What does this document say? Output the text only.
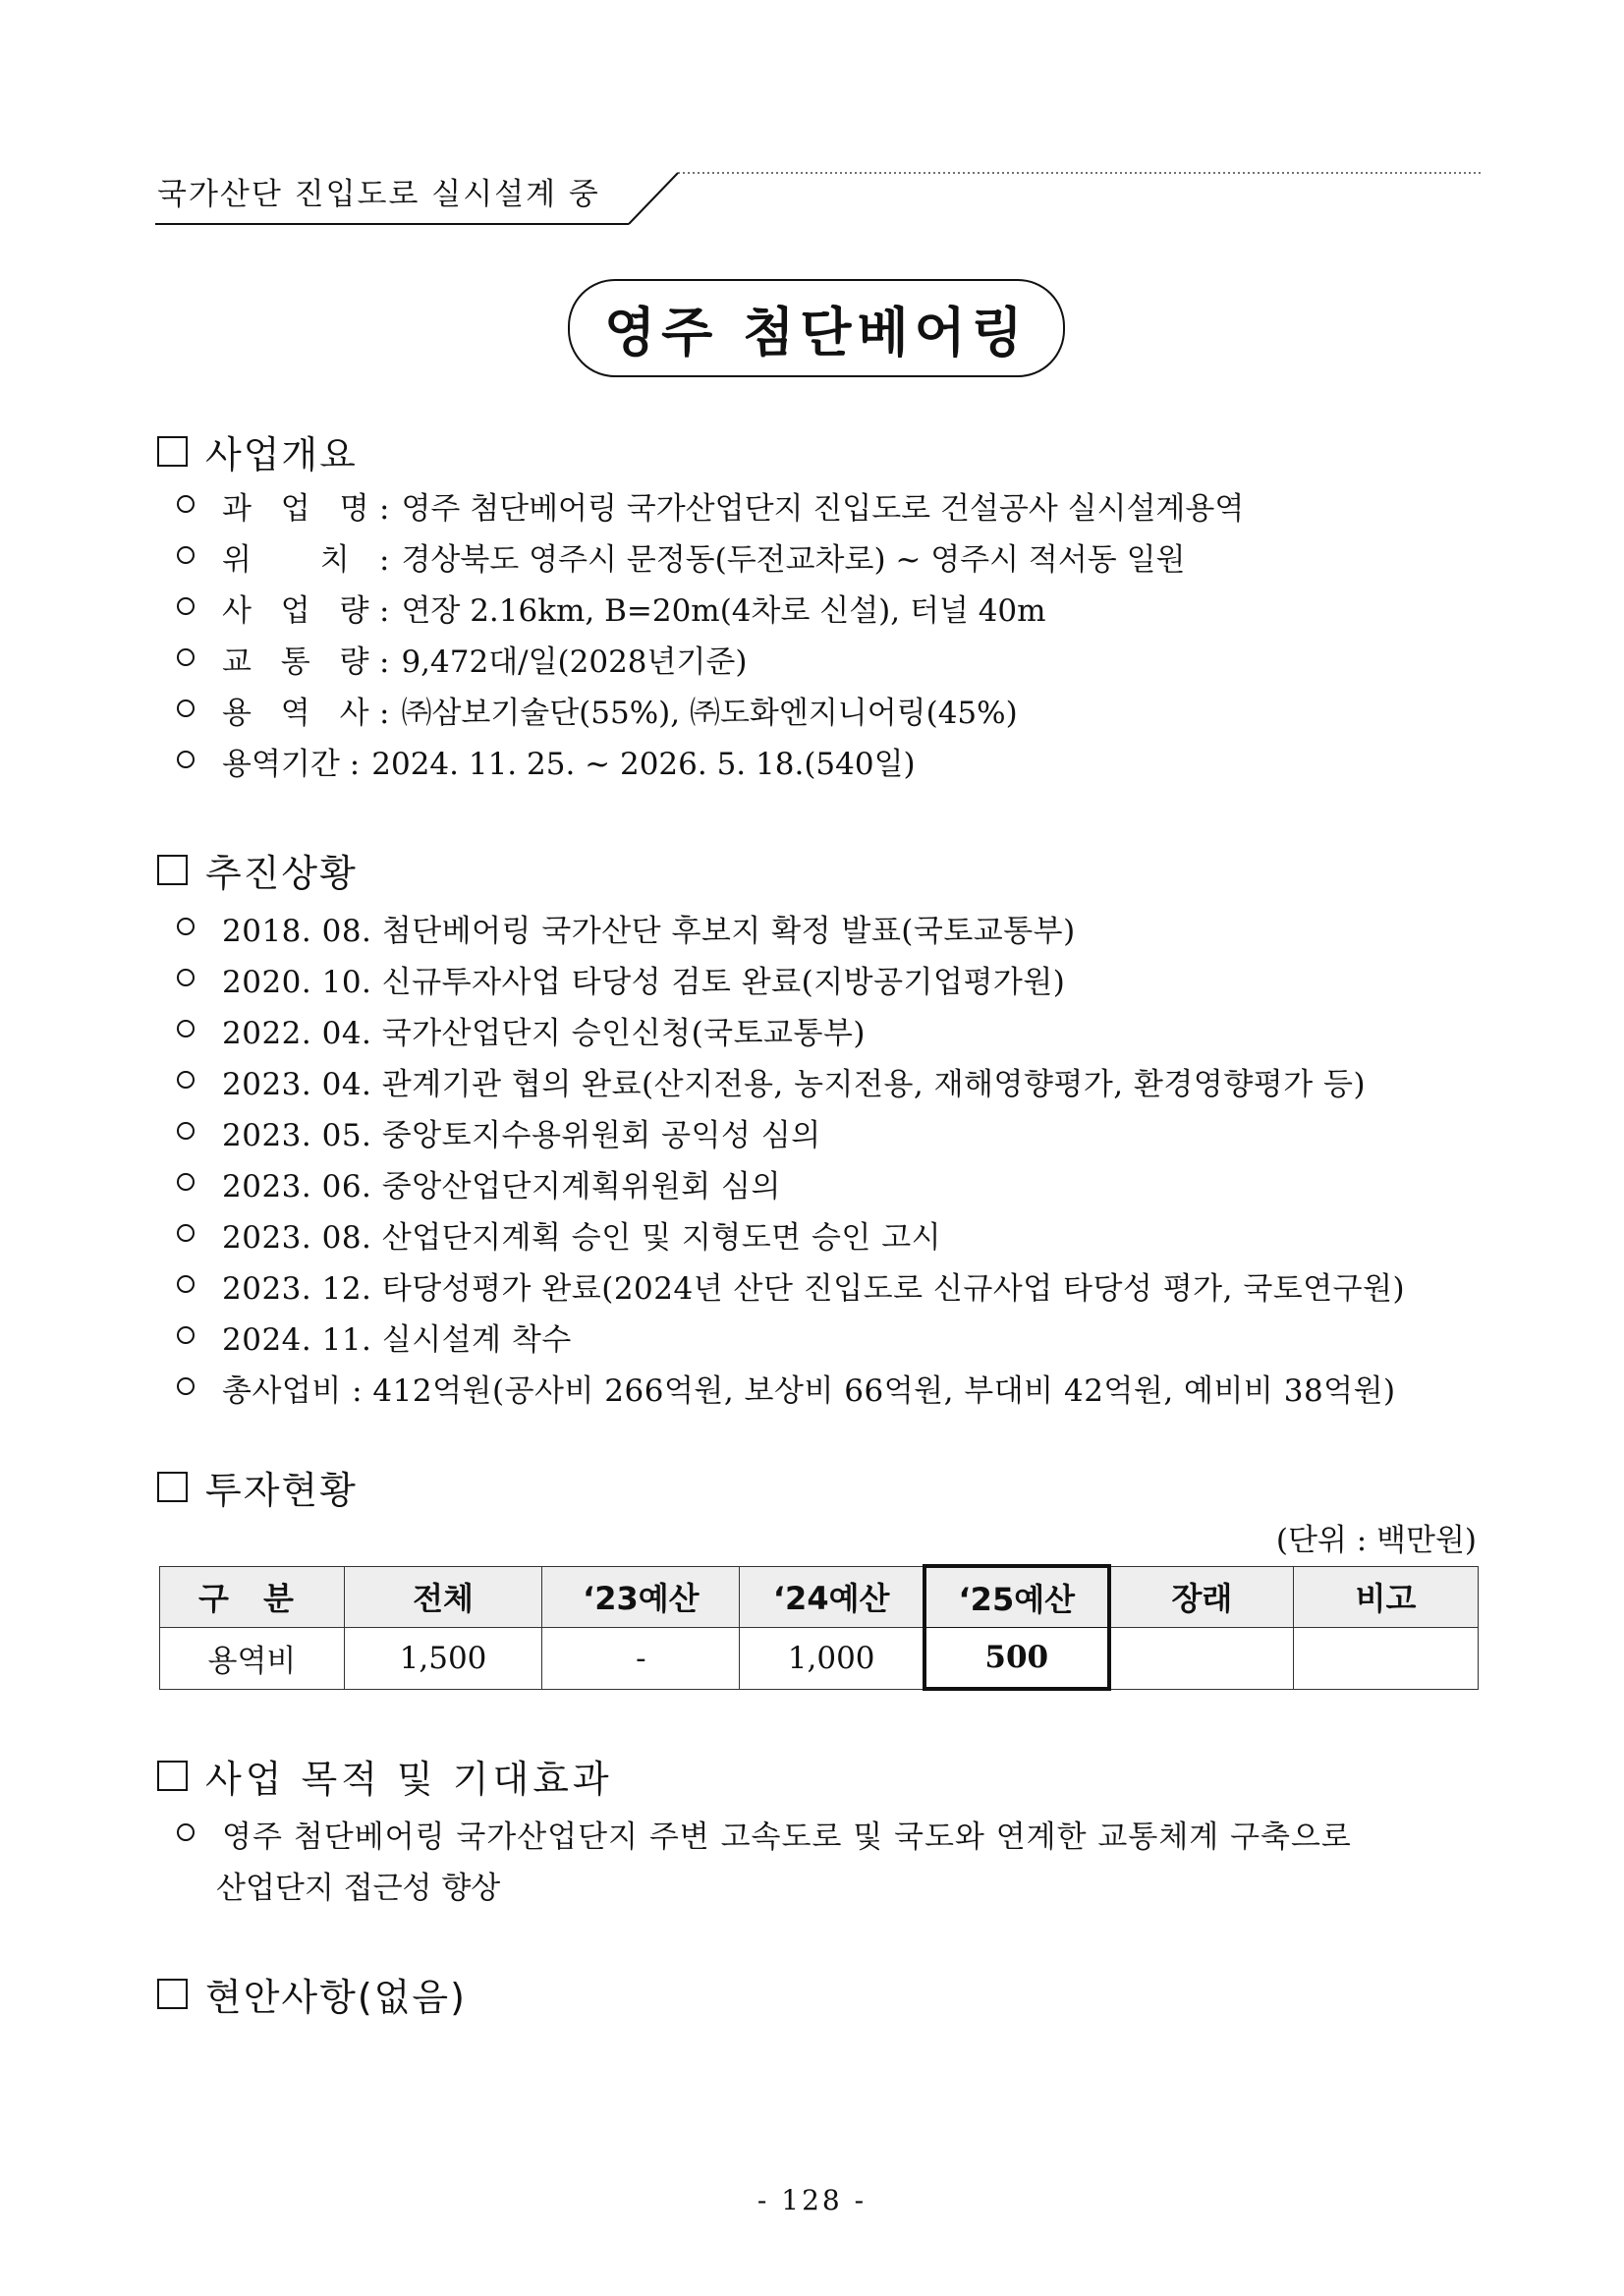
국가산단 진입도로 실시설계 중
영주 첨단베어링
사업개요
과 업 명 : 영주 첨단베어링 국가산업단지 진입도로 건설공사 실시설계용역
위 치 : 경상북도 영주시 문정동(두전교차로) ~ 영주시 적서동 일원
사 업 량 : 연장 2.16km, B=20m(4차로 신설), 터널 40m
교 통 량 : 9,472대/일(2028년기준)
용 역 사 : ㈜삼보기술단(55%), ㈜도화엔지니어링(45%)
용역기간 : 2024. 11. 25. ~ 2026. 5. 18.(540일)
추진상황
2018. 08. 첨단베어링 국가산단 후보지 확정 발표(국토교통부)
2020. 10. 신규투자사업 타당성 검토 완료(지방공기업평가원)
2022. 04. 국가산업단지 승인신청(국토교통부)
2023. 04. 관계기관 협의 완료(산지전용, 농지전용, 재해영향평가, 환경영향평가 등)
2023. 05. 중앙토지수용위원회 공익성 심의
2023. 06. 중앙산업단지계획위원회 심의
2023. 08. 산업단지계획 승인 및 지형도면 승인 고시
2023. 12. 타당성평가 완료(2024년 산단 진입도로 신규사업 타당성 평가, 국토연구원)
2024. 11. 실시설계 착수
총사업비 : 412억원(공사비 266억원, 보상비 66억원, 부대비 42억원, 예비비 38억원)
투자현황
(단위 : 백만원)
구 분	전체	‘23예산	‘24예산	‘25예산	장래	비고
용역비	1,500	-	1,000	500		
사업 목적 및 기대효과
영주 첨단베어링 국가산업단지 주변 고속도로 및 국도와 연계한 교통체계 구축으로
산업단지 접근성 향상
현안사항(없음)
- 128 -
